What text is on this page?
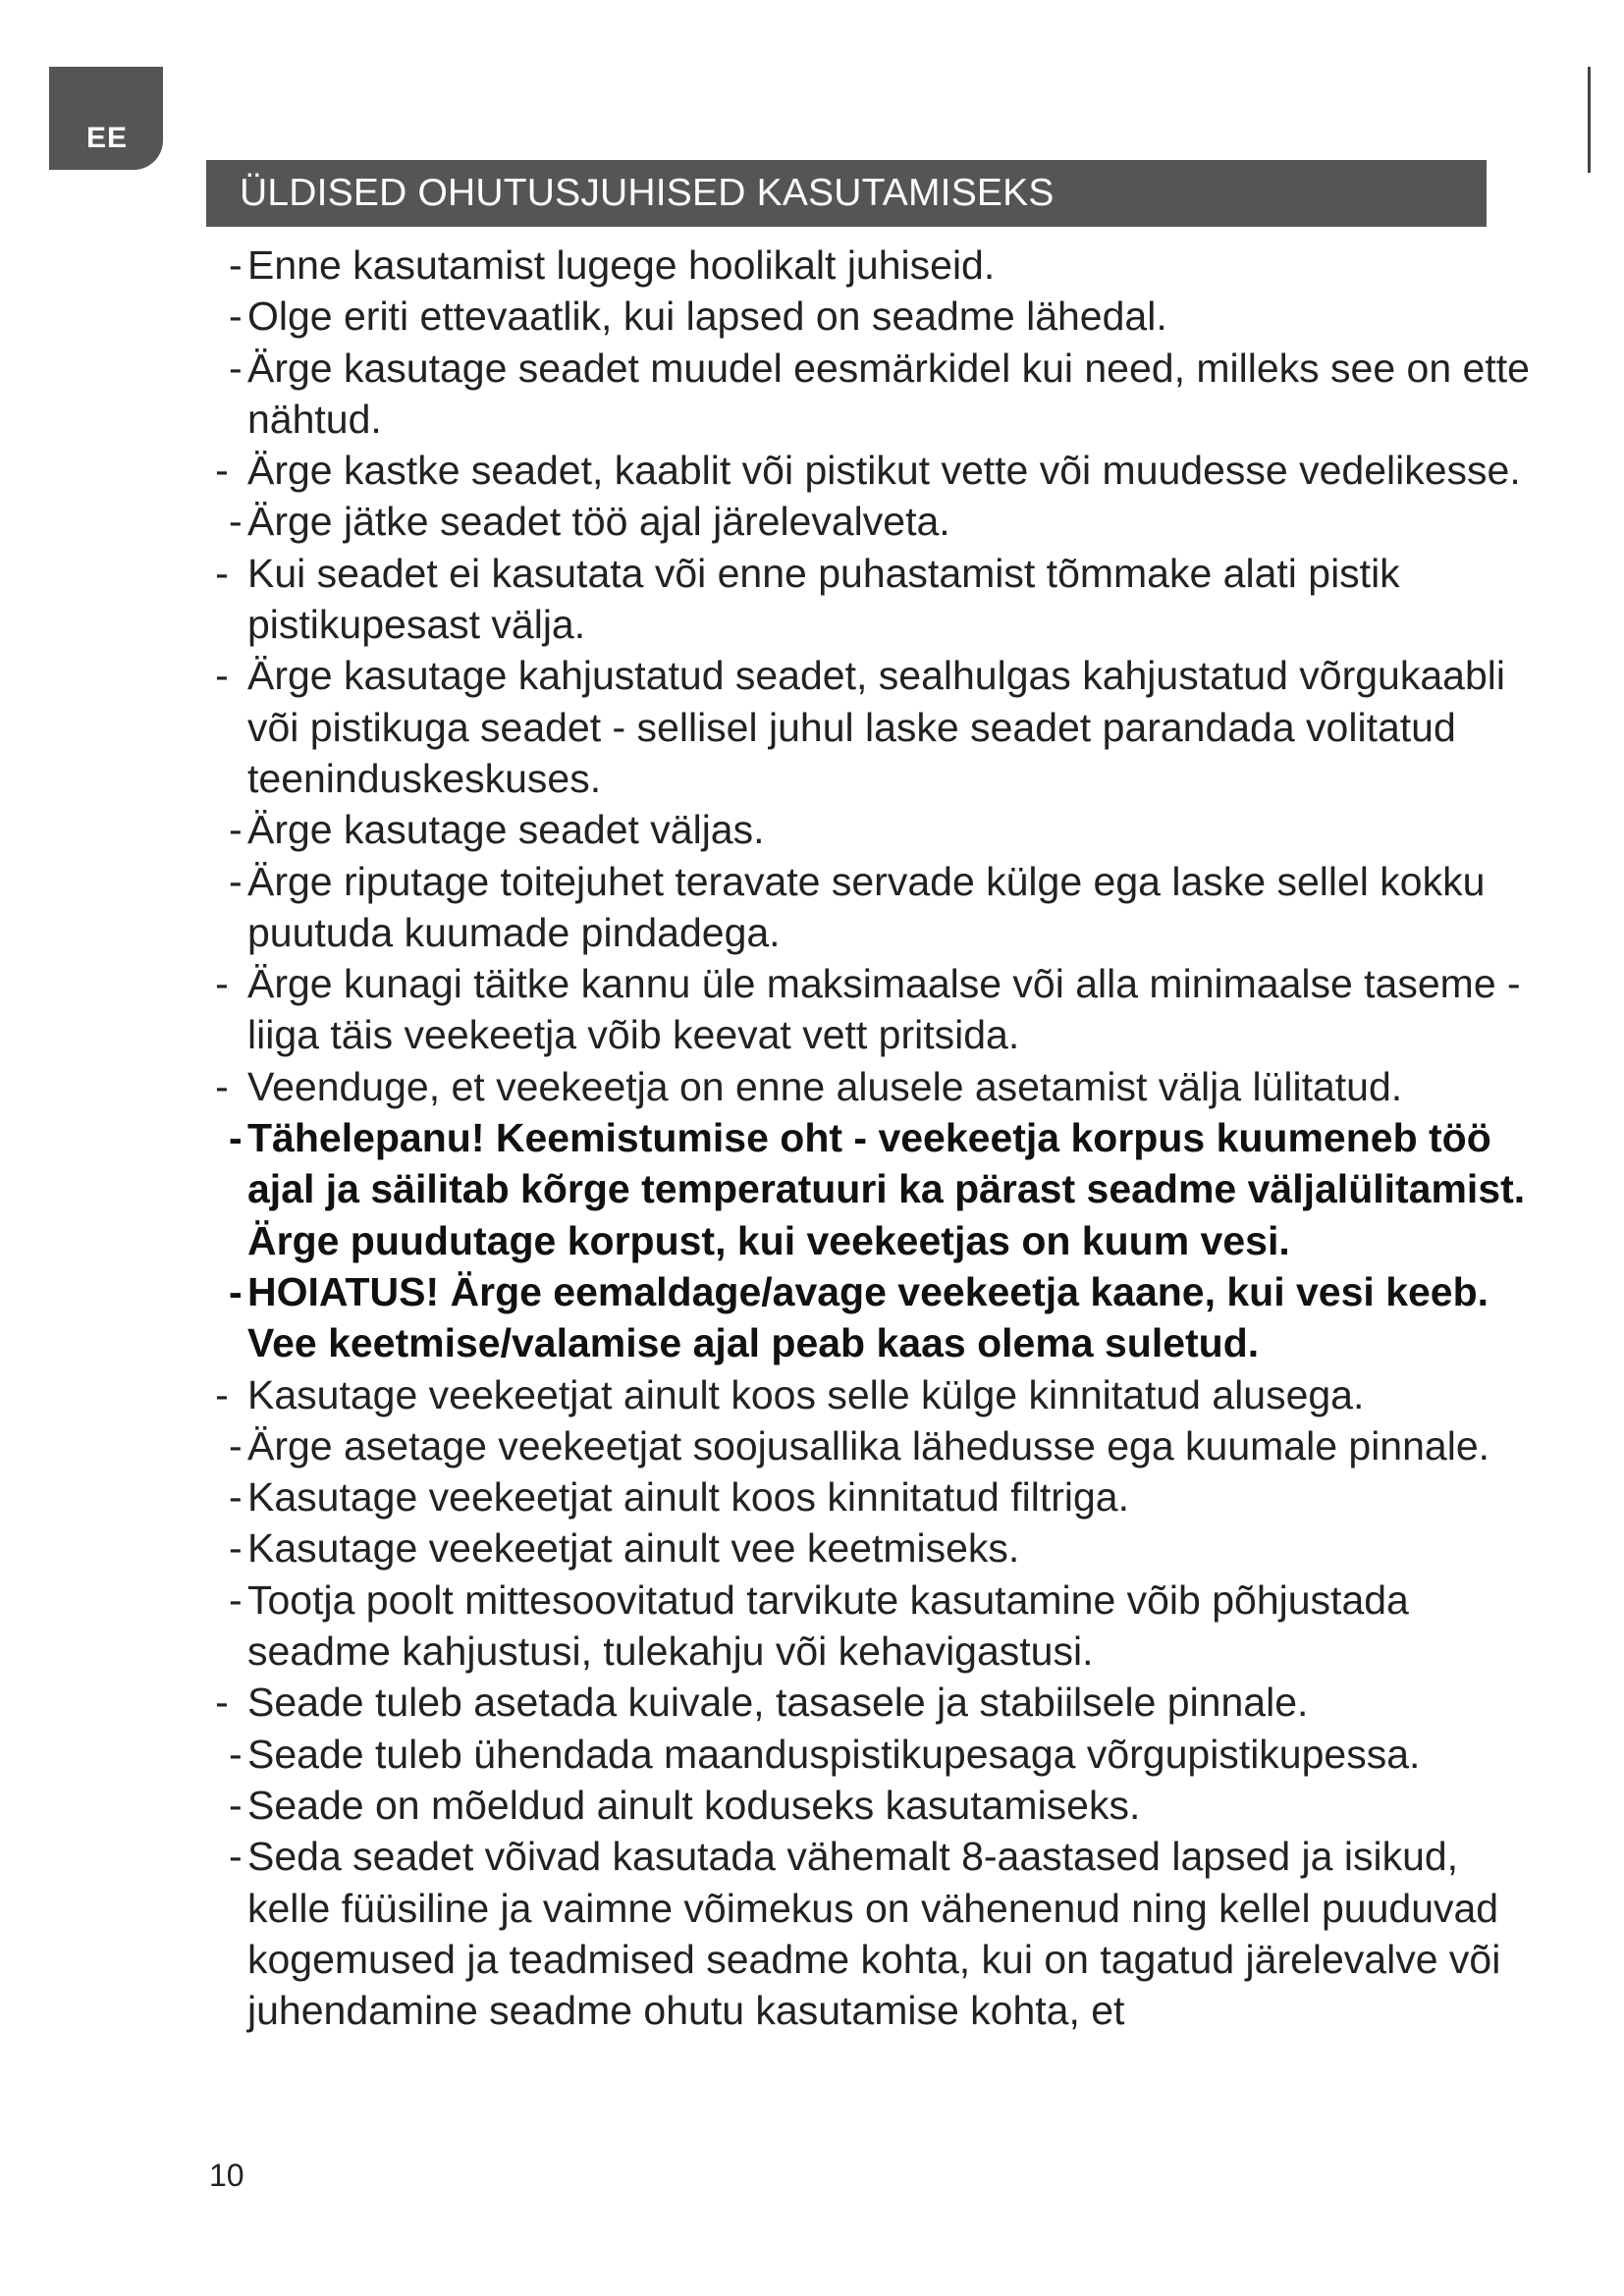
EE
ÜLDISED OHUTUSJUHISED KASUTAMISEKS
- Enne kasutamist lugege hoolikalt juhiseid.
- Olge eriti ettevaatlik, kui lapsed on seadme lähedal.
- Ärge kasutage seadet muudel eesmärkidel kui need, milleks see on ette nähtud.
- Ärge kastke seadet, kaablit või pistikut vette või muudesse vedelikesse.
- Ärge jätke seadet töö ajal järelevalveta.
- Kui seadet ei kasutata või enne puhastamist tõmmake alati pistik pistikupesast välja.
- Ärge kasutage kahjustatud seadet, sealhulgas kahjustatud võrgukaabli või pistikuga seadet - sellisel juhul laske seadet parandada volitatud teeninduskeskuses.
- Ärge kasutage seadet väljas.
- Ärge riputage toitejuhet teravate servade külge ega laske sellel kokku puutuda kuumade pindadega.
- Ärge kunagi täitke kannu üle maksimaalse või alla minimaalse taseme - liiga täis veekeetja võib keevat vett pritsida.
- Veenduge, et veekeetja on enne alusele asetamist välja lülitatud.
- Tähelepanu! Keemistumise oht - veekeetja korpus kuumeneb töö ajal ja säilitab kõrge temperatuuri ka pärast seadme väljalülitamist. Ärge puudutage korpust, kui veekeetjas on kuum vesi.
- HOIATUS! Ärge eemaldage/avage veekeetja kaane, kui vesi keeb. Vee keetmise/valamise ajal peab kaas olema suletud.
- Kasutage veekeetjat ainult koos selle külge kinnitatud alusega.
- Ärge asetage veekeetjat soojusallika lähedusse ega kuumale pinnale.
- Kasutage veekeetjat ainult koos kinnitatud filtriga.
- Kasutage veekeetjat ainult vee keetmiseks.
- Tootja poolt mittesoovitatud tarvikute kasutamine võib põhjustada seadme kahjustusi, tulekahju või kehavigastusi.
- Seade tuleb asetada kuivale, tasasele ja stabiilsele pinnale.
- Seade tuleb ühendada maanduspistikupesaga võrgupistikupessa.
- Seade on mõeldud ainult koduseks kasutamiseks.
- Seda seadet võivad kasutada vähemalt 8-aastased lapsed ja isikud, kelle füüsiline ja vaimne võimekus on vähenenud ning kellel puuduvad kogemused ja teadmised seadme kohta, kui on tagatud järelevalve või juhendamine seadme ohutu kasutamise kohta, et
10
